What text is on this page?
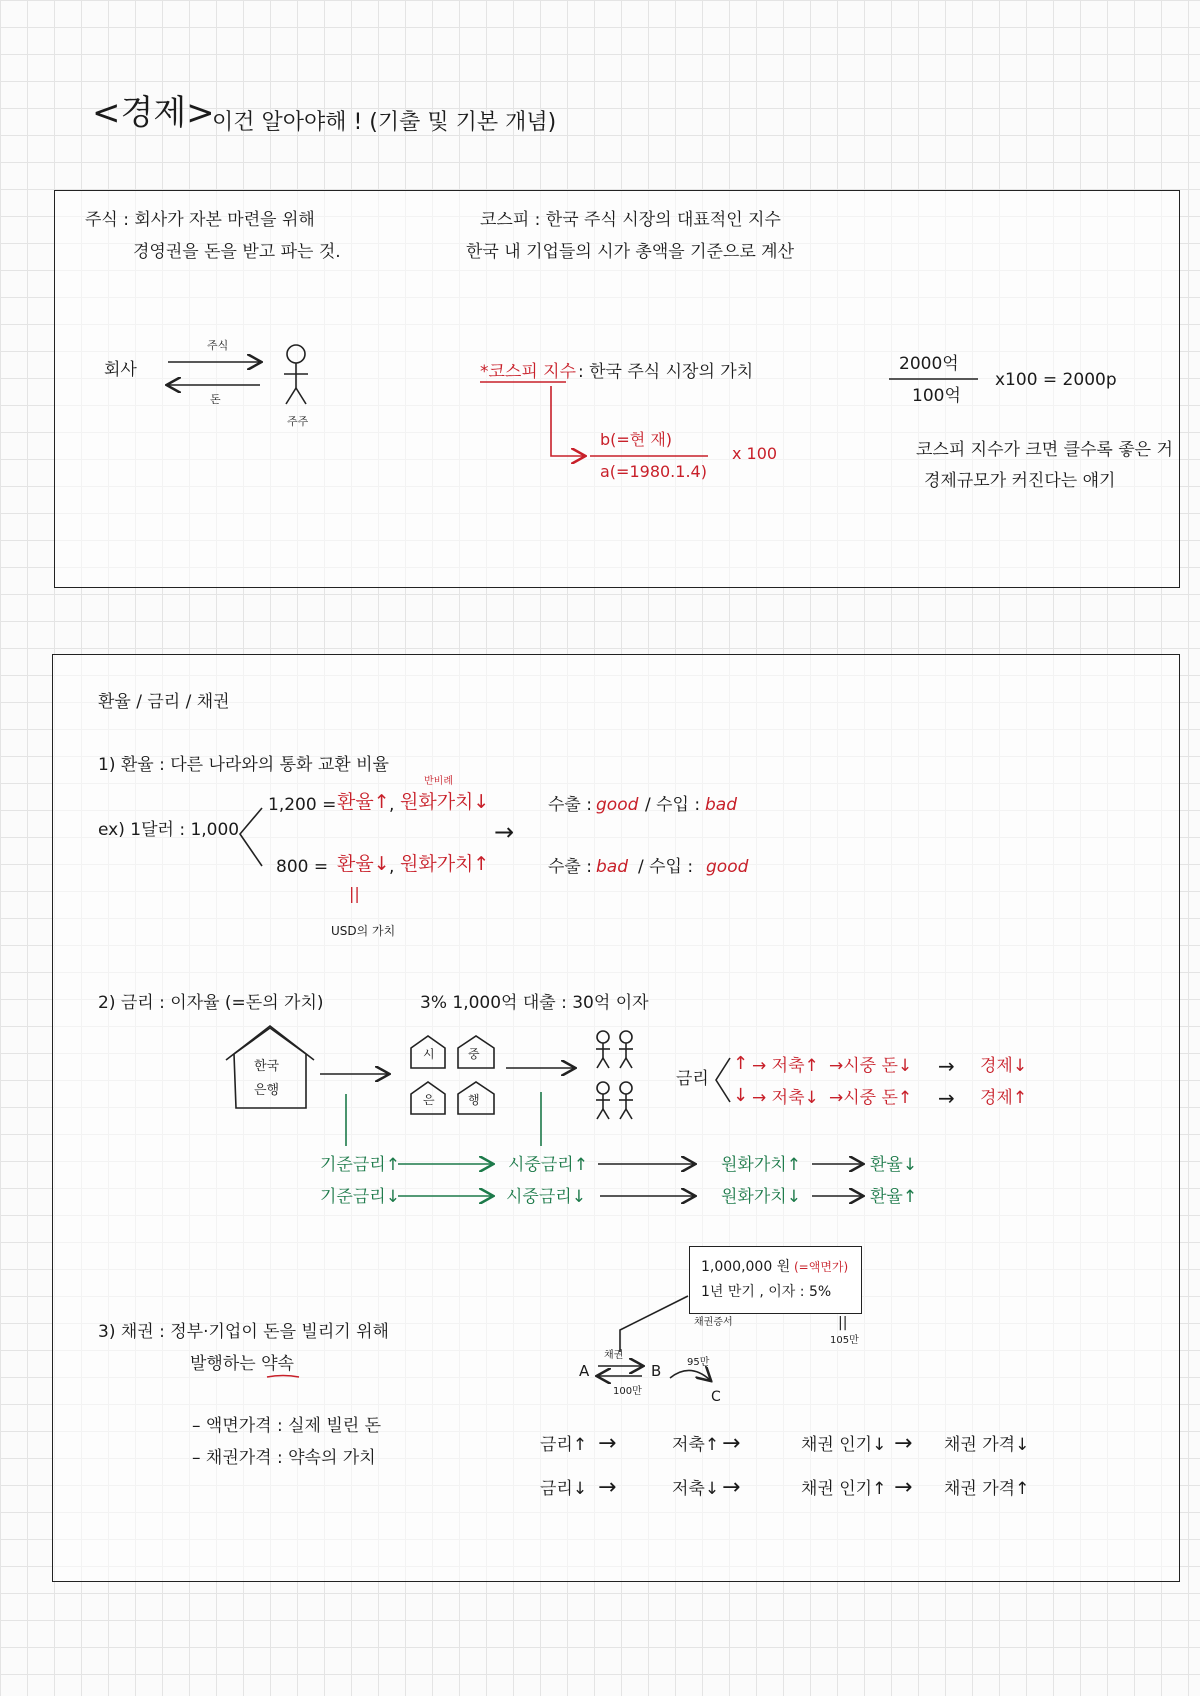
<경제>
이건 알아야해 ! (기출 및 기본 개념)
주식 : 회사가 자본 마련을 위해
경영권을 돈을 받고 파는 것.
코스피 : 한국 주식 시장의 대표적인 지수
한국 내 기업들의 시가 총액을 기준으로 계산
회사
주식
돈
주주
*코스피 지수 : 한국 주식 시장의 가치
b(=현 재)
a(=1980.1.4)
x 100
2000억
100억
x100 = 2000p
코스피 지수가 크면 클수록 좋은 거
경제규모가 커진다는 얘기
환율 / 금리 / 채권
1) 환율 : 다른 나라와의 통화 교환 비율
ex) 1달러 : 1,000
반비례
1,200 = 환율↑ , 원화가치↓	수출 : good / 수입 : bad
800 = 환율↓ , 원화가치↑	수출 : bad / 수입 : good
||
USD의 가치
→
2) 금리 : 이자율 (=돈의 가치)	3% 1,000억 대출 : 30억 이자
한국
은행
시	중
은	행
금리
↑ → 저축↑ →시중 돈↓ → 경제↓
↓ → 저축↓ →시중 돈↑ → 경제↑
기준금리↑	시중금리↑	원화가치↑	환율↓
기준금리↓	시중금리↓	원화가치↓	환율↑
3) 채권 : 정부·기업이 돈을 빌리기 위해
발행하는 약속
– 액면가격 : 실제 빌린 돈
– 채권가격 : 약속의 가치
1,000,000 원 (=액면가)
1년 만기 , 이자 : 5%
채권증서	||
105만
A	B
C
채권
100만
95만
금리↑ →	저축↑ →	채권 인기↓ → 채권 가격↓
금리↓ →	저축↓ →	채권 인기↑ → 채권 가격↑
